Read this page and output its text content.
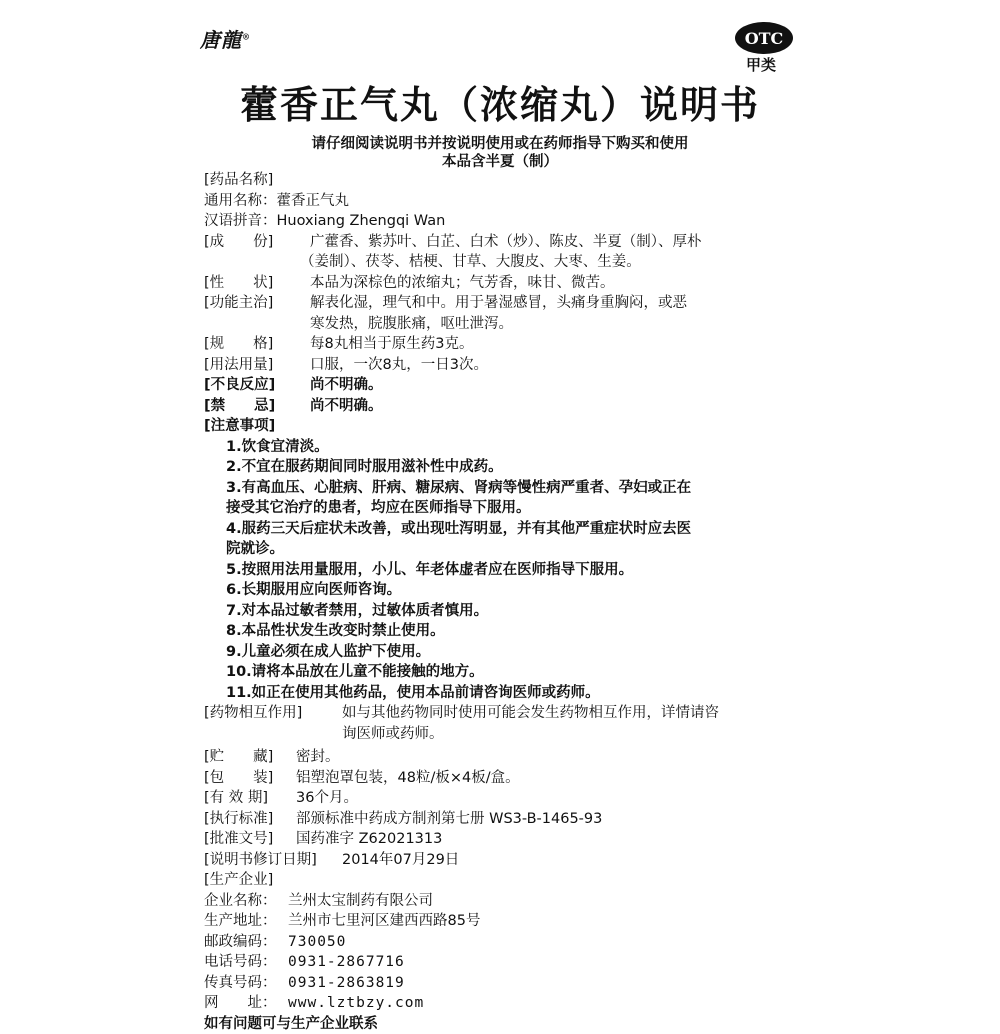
唐龍®	OTC
甲类
藿香正气丸（浓缩丸）说明书
请仔细阅读说明书并按说明使用或在药师指导下购买和使用
本品含半夏（制）
[药品名称]
通用名称： 藿香正气丸
汉语拼音： Huoxiang Zhengqi Wan
[成　　份]	广藿香、紫苏叶、白芷、白术（炒）、陈皮、半夏（制）、厚朴
（姜制）、茯苓、桔梗、甘草、大腹皮、大枣、生姜。
[性　　状]	本品为深棕色的浓缩丸；气芳香，味甘、微苦。
[功能主治]	解表化湿，理气和中。用于暑湿感冒，头痛身重胸闷，或恶
寒发热，脘腹胀痛，呕吐泄泻。
[规　　格]	每8丸相当于原生药3克。
[用法用量]	口服，一次8丸，一日3次。
[不良反应]	尚不明确。
[禁　　忌]	尚不明确。
[注意事项]
1.饮食宜清淡。
2.不宜在服药期间同时服用滋补性中成药。
3.有高血压、心脏病、肝病、糖尿病、肾病等慢性病严重者、孕妇或正在
接受其它治疗的患者，均应在医师指导下服用。
4.服药三天后症状未改善，或出现吐泻明显，并有其他严重症状时应去医
院就诊。
5.按照用法用量服用，小儿、年老体虚者应在医师指导下服用。
6.长期服用应向医师咨询。
7.对本品过敏者禁用，过敏体质者慎用。
8.本品性状发生改变时禁止使用。
9.儿童必须在成人监护下使用。
10.请将本品放在儿童不能接触的地方。
11.如正在使用其他药品，使用本品前请咨询医师或药师。
[药物相互作用]	如与其他药物同时使用可能会发生药物相互作用，详情请咨
询医师或药师。
[贮　　藏]	密封。
[包　　装]	铝塑泡罩包装，48粒/板×4板/盒。
[有 效 期]	36个月。
[执行标准]	部颁标准中药成方制剂第七册 WS3-B-1465-93
[批准文号]	国药准字 Z62021313
[说明书修订日期]	2014年07月29日
[生产企业]
企业名称： 兰州太宝制药有限公司
生产地址： 兰州市七里河区建西西路85号
邮政编码： 730050
电话号码： 0931-2867716
传真号码： 0931-2863819
网　　址： www.lztbzy.com
如有问题可与生产企业联系
